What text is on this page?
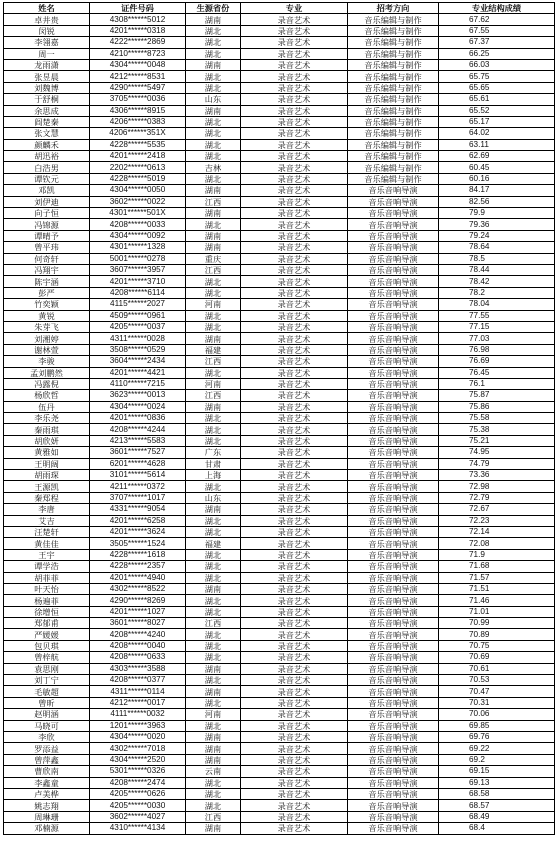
姓名	证件号码	生源省份	专业	招考方向	专业结构成绩
卓井贵	4308******5012	湖南	录音艺术	音乐编辑与制作	67.62
闵锐	4201******0318	湖北	录音艺术	音乐编辑与制作	67.55
李翎嘉	4222******2869	湖北	录音艺术	音乐编辑与制作	67.37
周一	4210******8723	湖北	录音艺术	音乐编辑与制作	66.25
龙雨潇	4304******0048	湖南	录音艺术	音乐编辑与制作	66.03
张昱晨	4212******8531	湖北	录音艺术	音乐编辑与制作	65.75
刘魏博	4290******5497	湖北	录音艺术	音乐编辑与制作	65.65
于舒桐	3705******0036	山东	录音艺术	音乐编辑与制作	65.61
余思成	4306******8915	湖南	录音艺术	音乐编辑与制作	65.52
阎楚秦	4206******0383	湖北	录音艺术	音乐编辑与制作	65.17
张文慧	4206******351X	湖北	录音艺术	音乐编辑与制作	64.02
颜麟禾	4228******5535	湖北	录音艺术	音乐编辑与制作	63.11
胡迅裕	4201******2418	湖北	录音艺术	音乐编辑与制作	62.69
白浩男	2202******0613	吉林	录音艺术	音乐编辑与制作	60.45
谭钦元	4228******5019	湖北	录音艺术	音乐编辑与制作	60.16
邓凯	4304******0050	湖南	录音艺术	音乐音响导演	84.17
刘伊迪	3602******0022	江西	录音艺术	音乐音响导演	82.56
向子恒	4301******501X	湖南	录音艺术	音乐音响导演	79.9
冯锦源	4208******0033	湖北	录音艺术	音乐音响导演	79.36
谭晴予	4304******0092	湖南	录音艺术	音乐音响导演	79.24
曾平玮	4301******1328	湖南	录音艺术	音乐音响导演	78.64
何奇轩	5001******0278	重庆	录音艺术	音乐音响导演	78.5
冯翔宇	3607******3957	江西	录音艺术	音乐音响导演	78.44
陈宇涵	4201******3710	湖北	录音艺术	音乐音响导演	78.42
彭严	4208******6114	湖北	录音艺术	音乐音响导演	78.2
竹奕颖	4115******2027	河南	录音艺术	音乐音响导演	78.04
黄锐	4509******0961	湖北	录音艺术	音乐音响导演	77.55
朱芽飞	4205******0037	湖北	录音艺术	音乐音响导演	77.15
刘湘婷	4311******0028	湖南	录音艺术	音乐音响导演	77.03
谢林萱	3508******0529	福建	录音艺术	音乐音响导演	76.98
李骏	3604******2434	江西	录音艺术	音乐音响导演	76.69
孟刘鹏然	4201******4421	湖北	录音艺术	音乐音响导演	76.45
冯露倪	4110******7215	河南	录音艺术	音乐音响导演	76.1
杨欣哲	3623******0013	江西	录音艺术	音乐音响导演	75.87
伍丹	4304******0024	湖南	录音艺术	音乐音响导演	75.86
李乐尧	4201******0836	湖北	录音艺术	音乐音响导演	75.58
秦雨琪	4208******4244	湖北	录音艺术	音乐音响导演	75.38
胡欣妍	4213******5583	湖北	录音艺术	音乐音响导演	75.21
黄雅如	3601******7527	广东	录音艺术	音乐音响导演	74.95
王明阔	6201******4628	甘肃	录音艺术	音乐音响导演	74.79
胡雨琛	3101******5614	上海	录音艺术	音乐音响导演	73.36
王源凯	4211******0372	湖北	录音艺术	音乐音响导演	72.98
秦郑程	3707******1017	山东	录音艺术	音乐音响导演	72.79
李唐	4331******9054	湖南	录音艺术	音乐音响导演	72.67
艾吉	4201******6258	湖北	录音艺术	音乐音响导演	72.23
汪楚轩	4201******3624	湖北	录音艺术	音乐音响导演	72.14
黄佳佳	3505******1524	福建	录音艺术	音乐音响导演	72.08
王宇	4228******1618	湖北	录音艺术	音乐音响导演	71.9
谭学浩	4228******2357	湖北	录音艺术	音乐音响导演	71.68
胡菲菲	4201******4940	湖北	录音艺术	音乐音响导演	71.57
叶天怡	4302******8522	湖南	录音艺术	音乐音响导演	71.51
杨遍菲	4290******8269	湖北	录音艺术	音乐音响导演	71.46
徐增恒	4201******1027	湖北	录音艺术	音乐音响导演	71.01
郑郁甫	3601******8027	江西	录音艺术	音乐音响导演	70.99
严媛媛	4208******4240	湖北	录音艺术	音乐音响导演	70.89
包贝琪	4208******0040	湖北	录音艺术	音乐音响导演	70.75
曾梓航	4208******0633	湖北	录音艺术	音乐音响导演	70.69
袁思刚	4303******3588	湖南	录音艺术	音乐音响导演	70.61
刘丁宁	4208******0377	湖北	录音艺术	音乐音响导演	70.53
毛敏超	4311******0114	湖南	录音艺术	音乐音响导演	70.47
曾昕	4212******0017	湖北	录音艺术	音乐音响导演	70.31
赵明涵	4111******0032	河南	录音艺术	音乐音响导演	70.06
马晓可	1201******3963	湖北	录音艺术	音乐音响导演	69.85
李欣	4304******0020	湖南	录音艺术	音乐音响导演	69.76
罗添益	4302******7018	湖南	录音艺术	音乐音响导演	69.22
曾萍鑫	4304******2520	湖南	录音艺术	音乐音响导演	69.2
曹欣南	5301******0326	云南	录音艺术	音乐音响导演	69.15
李鑫童	4208******2474	湖北	录音艺术	音乐音响导演	69.13
卢美桦	4205******0626	湖北	录音艺术	音乐音响导演	68.58
姚志翔	4205******0030	湖北	录音艺术	音乐音响导演	68.57
周琳珊	3602******4027	江西	录音艺术	音乐音响导演	68.49
邓楠源	4310******4134	湖南	录音艺术	音乐音响导演	68.4
